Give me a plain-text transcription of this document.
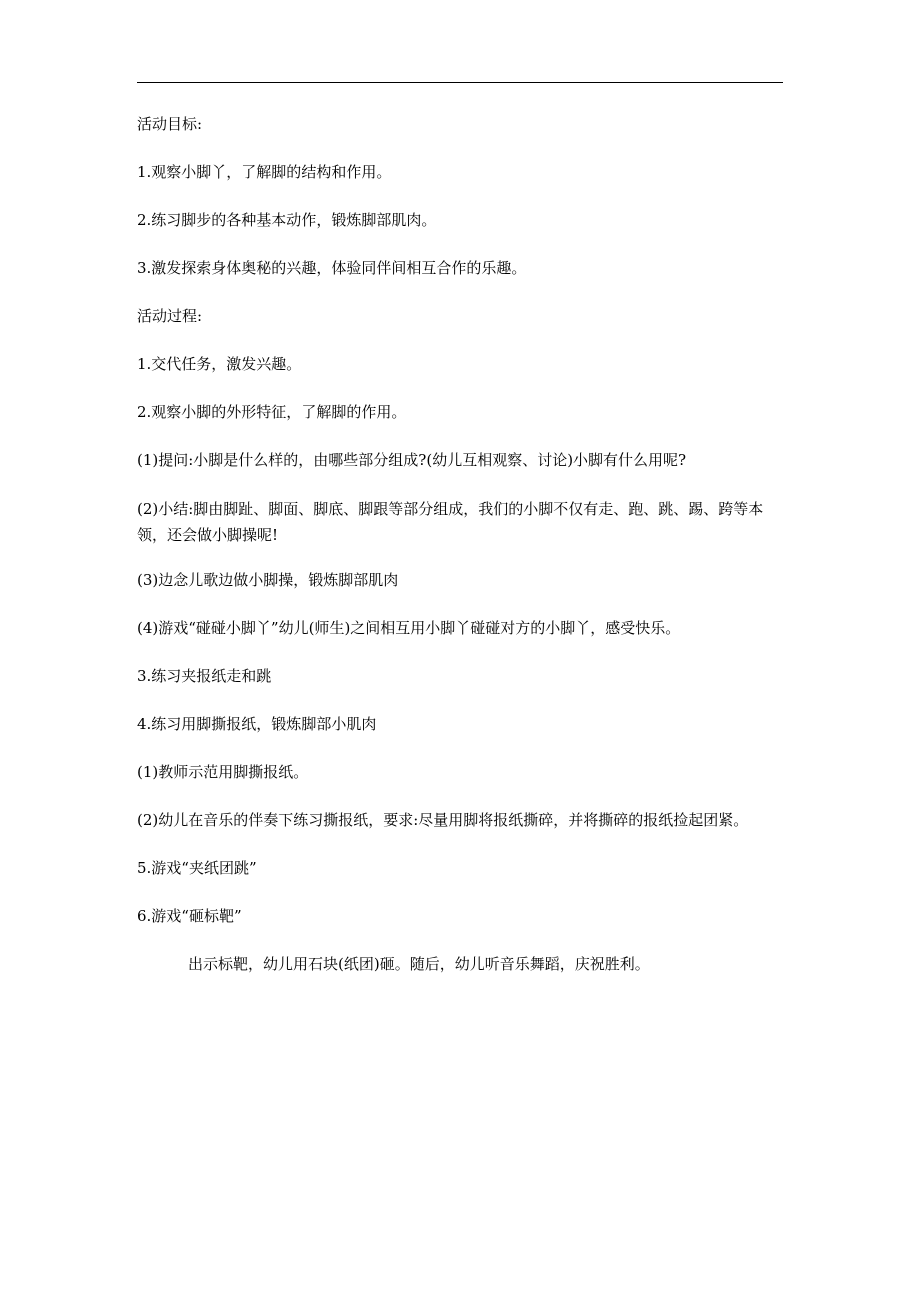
活动目标:

1.观察小脚丫，了解脚的结构和作用。

2.练习脚步的各种基本动作，锻炼脚部肌肉。

3.激发探索身体奥秘的兴趣，体验同伴间相互合作的乐趣。

活动过程:

1.交代任务，激发兴趣。

2.观察小脚的外形特征，了解脚的作用。

(1)提问:小脚是什么样的，由哪些部分组成?(幼儿互相观察、讨论)小脚有什么用呢?

(2)小结:脚由脚趾、脚面、脚底、脚跟等部分组成，我们的小脚不仅有走、跑、跳、踢、跨等本领，还会做小脚操呢!

(3)边念儿歌边做小脚操，锻炼脚部肌肉

(4)游戏“碰碰小脚丫”幼儿(师生)之间相互用小脚丫碰碰对方的小脚丫，感受快乐。

3.练习夹报纸走和跳

4.练习用脚撕报纸，锻炼脚部小肌肉

(1)教师示范用脚撕报纸。

(2)幼儿在音乐的伴奏下练习撕报纸，要求:尽量用脚将报纸撕碎，并将撕碎的报纸捡起团紧。

5.游戏“夹纸团跳”

6.游戏“砸标靶”

出示标靶，幼儿用石块(纸团)砸。随后，幼儿听音乐舞蹈，庆祝胜利。
